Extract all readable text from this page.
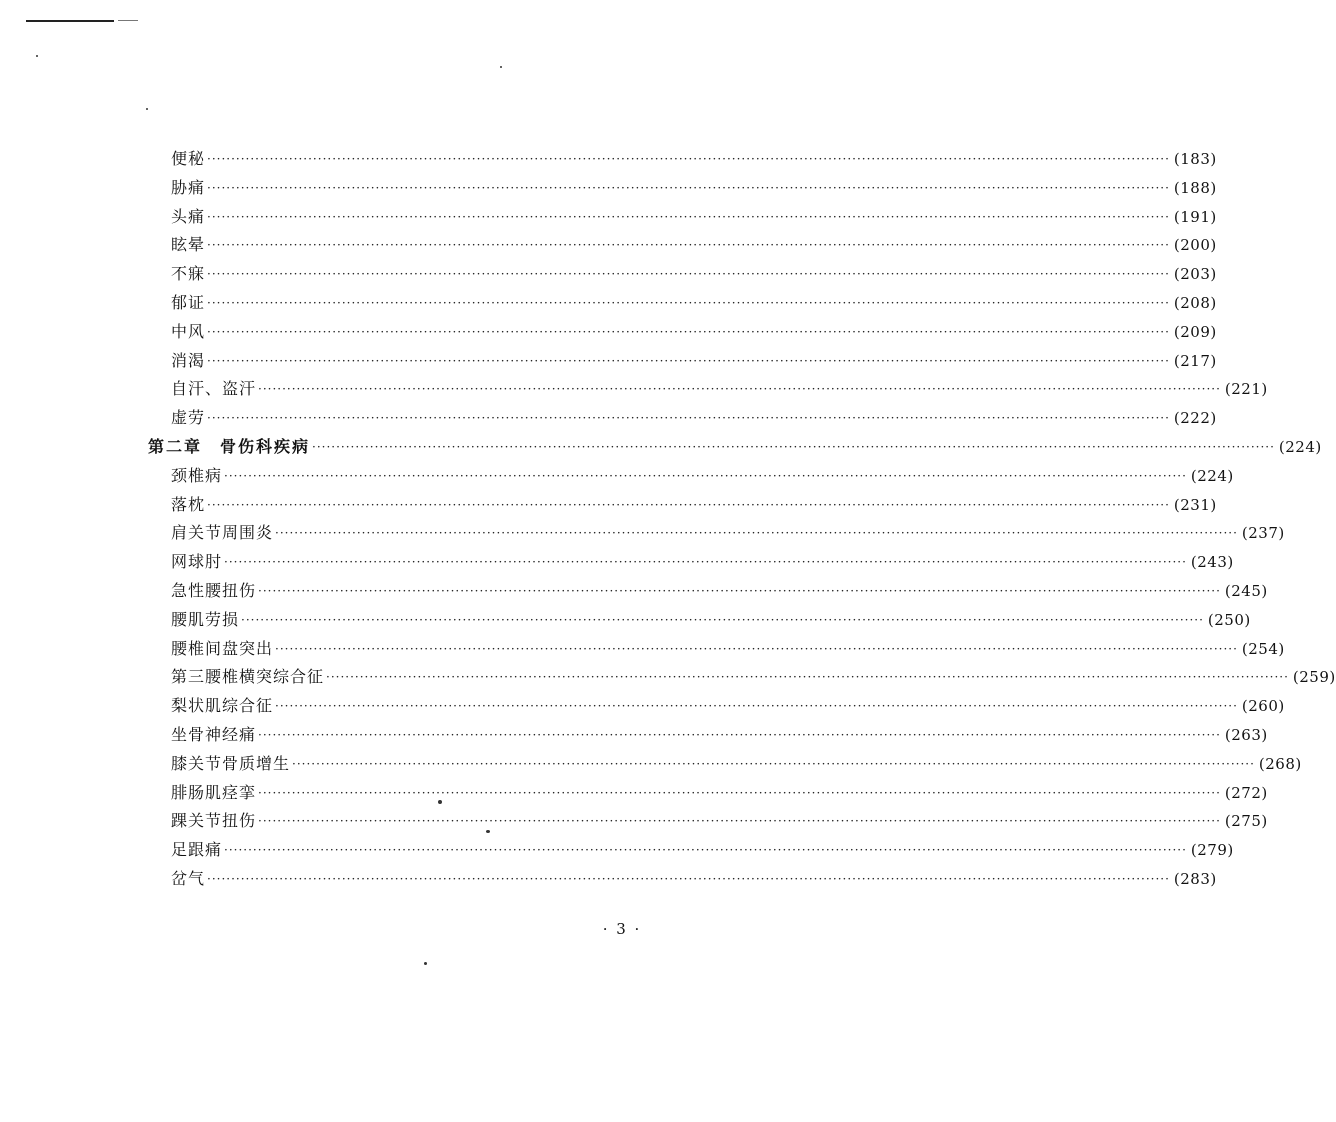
便秘 ········································································································································································································ (183)
胁痛 ········································································································································································································ (188)
头痛 ········································································································································································································ (191)
眩晕 ········································································································································································································ (200)
不寐 ········································································································································································································ (203)
郁证 ········································································································································································································ (208)
中风 ········································································································································································································ (209)
消渴 ········································································································································································································ (217)
自汗、盗汗 ········································································································································································································ (221)
虚劳 ········································································································································································································ (222)
第二章　骨伤科疾病 ········································································································································································································ (224)
颈椎病 ········································································································································································································ (224)
落枕 ········································································································································································································ (231)
肩关节周围炎 ········································································································································································································ (237)
网球肘 ········································································································································································································ (243)
急性腰扭伤 ········································································································································································································ (245)
腰肌劳损 ········································································································································································································ (250)
腰椎间盘突出 ········································································································································································································ (254)
第三腰椎横突综合征 ········································································································································································································ (259)
梨状肌综合征 ········································································································································································································ (260)
坐骨神经痛 ········································································································································································································ (263)
膝关节骨质增生 ········································································································································································································ (268)
腓肠肌痉挛 ········································································································································································································ (272)
踝关节扭伤 ········································································································································································································ (275)
足跟痛 ········································································································································································································ (279)
岔气 ········································································································································································································ (283)
· 3 ·
